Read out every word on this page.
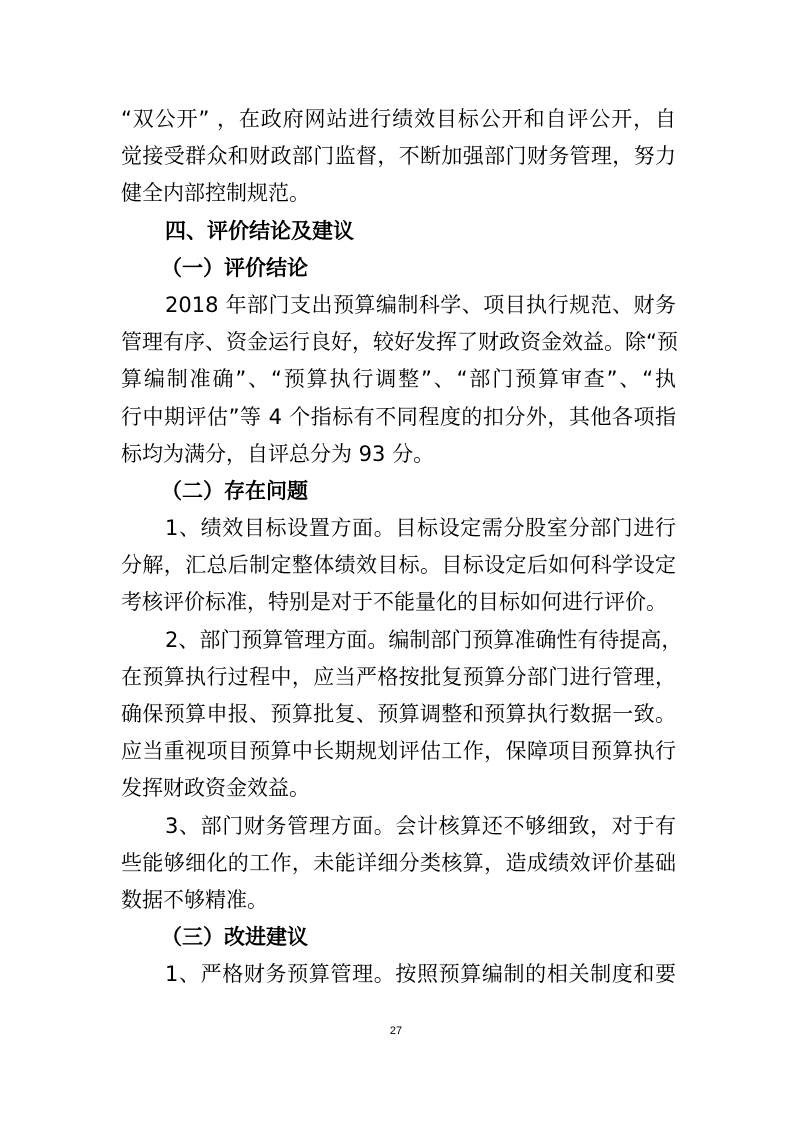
“双公开” ，在政府网站进行绩效目标公开和自评公开，自
觉接受群众和财政部门监督，不断加强部门财务管理，努力
健全内部控制规范。
四、评价结论及建议
（一）评价结论
2018 年部门支出预算编制科学、项目执行规范、财务
管理有序、资金运行良好，较好发挥了财政资金效益。除“预
算编制准确”、“预算执行调整”、“部门预算审查”、“执
行中期评估”等 4 个指标有不同程度的扣分外，其他各项指
标均为满分，自评总分为 93 分。
（二）存在问题
1、绩效目标设置方面。目标设定需分股室分部门进行
分解，汇总后制定整体绩效目标。目标设定后如何科学设定
考核评价标准，特别是对于不能量化的目标如何进行评价。
2、部门预算管理方面。编制部门预算准确性有待提高，
在预算执行过程中，应当严格按批复预算分部门进行管理，
确保预算申报、预算批复、预算调整和预算执行数据一致。
应当重视项目预算中长期规划评估工作，保障项目预算执行
发挥财政资金效益。
3、部门财务管理方面。会计核算还不够细致，对于有
些能够细化的工作，未能详细分类核算，造成绩效评价基础
数据不够精准。
（三）改进建议
1、严格财务预算管理。按照预算编制的相关制度和要
27
